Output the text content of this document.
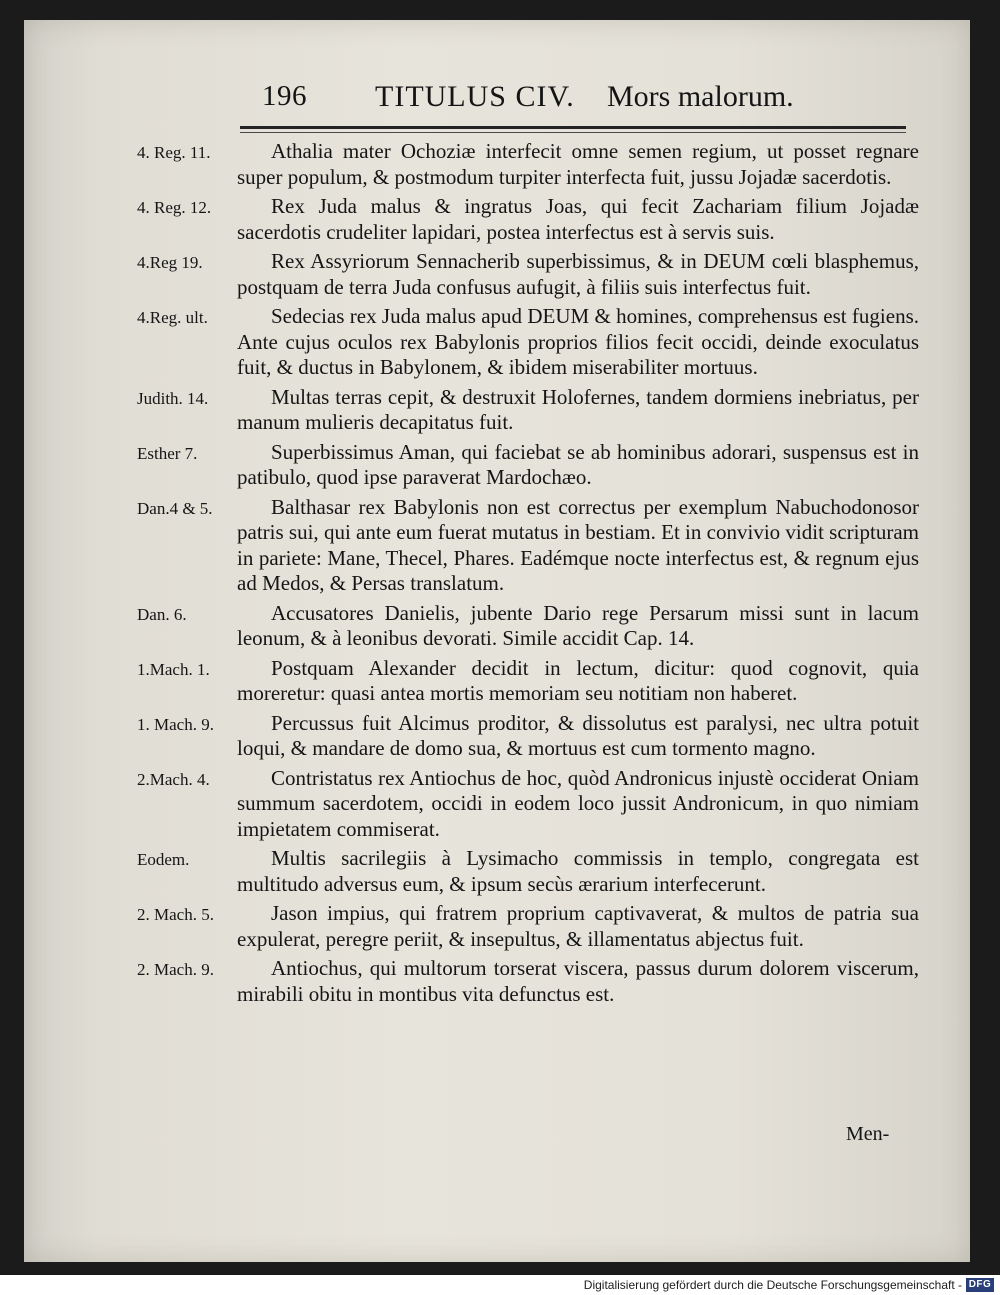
196 TITULUS CIV. Mors malorum.
4. Reg. 11.	Athalia mater Ochoziæ interfecit omne semen regium, ut posset regnare super populum, & postmodum turpiter interfecta fuit, jussu Jojadæ sacerdotis.
4. Reg. 12.	Rex Juda malus & ingratus Joas, qui fecit Zachariam filium Jojadæ sacerdotis crudeliter lapidari, postea interfectus est à servis suis.
4.Reg 19.	Rex Assyriorum Sennacherib superbissimus, & in DEUM cœli blasphemus, postquam de terra Juda confusus aufugit, à filiis suis interfectus fuit.
4.Reg. ult.	Sedecias rex Juda malus apud DEUM & homines, comprehensus est fugiens. Ante cujus oculos rex Babylonis proprios filios fecit occidi, deinde exoculatus fuit, & ductus in Babylonem, & ibidem miserabiliter mortuus.
Judith. 14.	Multas terras cepit, & destruxit Holofernes, tandem dormiens inebriatus, per manum mulieris decapitatus fuit.
Esther 7.	Superbissimus Aman, qui faciebat se ab hominibus adorari, suspensus est in patibulo, quod ipse paraverat Mardochæo.
Dan.4 & 5.	Balthasar rex Babylonis non est correctus per exemplum Nabuchodonosor patris sui, qui ante eum fuerat mutatus in bestiam. Et in convivio vidit scripturam in pariete: Mane, Thecel, Phares. Eadémque nocte interfectus est, & regnum ejus ad Medos, & Persas translatum.
Dan. 6.	Accusatores Danielis, jubente Dario rege Persarum missi sunt in lacum leonum, & à leonibus devorati. Simile accidit Cap. 14.
1.Mach. 1.	Postquam Alexander decidit in lectum, dicitur: quod cognovit, quia moreretur: quasi antea mortis memoriam seu notitiam non haberet.
1. Mach. 9.	Percussus fuit Alcimus proditor, & dissolutus est paralysi, nec ultra potuit loqui, & mandare de domo sua, & mortuus est cum tormento magno.
2.Mach. 4.	Contristatus rex Antiochus de hoc, quòd Andronicus injustè occiderat Oniam summum sacerdotem, occidi in eodem loco jussit Andronicum, in quo nimiam impietatem commiserat.
Eodem.	Multis sacrilegiis à Lysimacho commissis in templo, congregata est multitudo adversus eum, & ipsum secùs ærarium interfecerunt.
2. Mach. 5.	Jason impius, qui fratrem proprium captivaverat, & multos de patria sua expulerat, peregre periit, & insepultus, & illamentatus abjectus fuit.
2. Mach. 9.	Antiochus, qui multorum torserat viscera, passus durum dolorem viscerum, mirabili obitu in montibus vita defunctus est.
Men-
Digitalisierung gefördert durch die Deutsche Forschungsgemeinschaft - DFG
